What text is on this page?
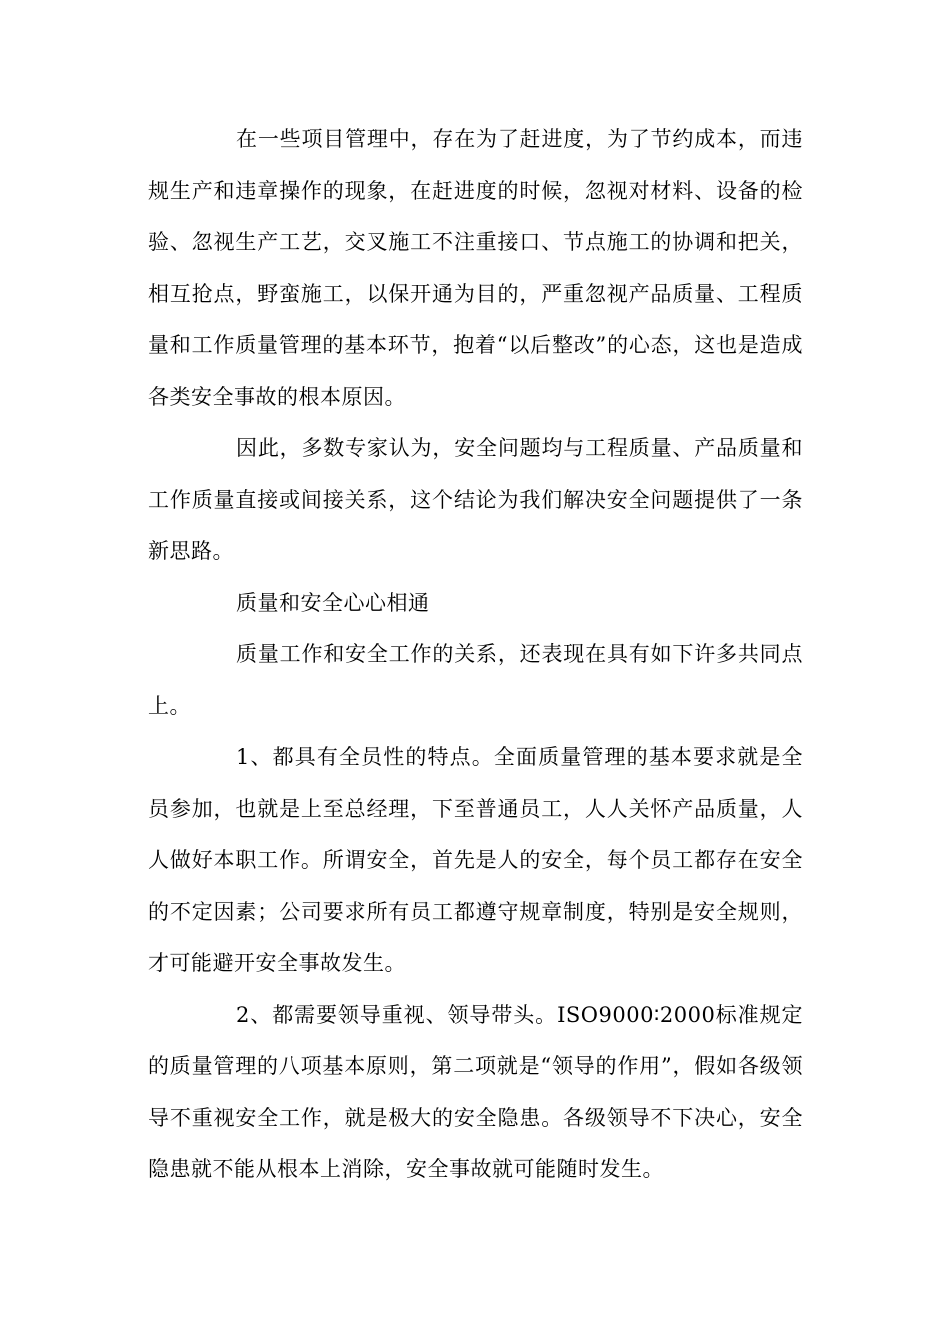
在一些项目管理中，存在为了赶进度，为了节约成本，而违规生产和违章操作的现象，在赶进度的时候，忽视对材料、设备的检验、忽视生产工艺，交叉施工不注重接口、节点施工的协调和把关，相互抢点，野蛮施工，以保开通为目的，严重忽视产品质量、工程质量和工作质量管理的基本环节，抱着“以后整改”的心态，这也是造成各类安全事故的根本原因。

因此，多数专家认为，安全问题均与工程质量、产品质量和工作质量直接或间接关系，这个结论为我们解决安全问题提供了一条新思路。

质量和安全心心相通

质量工作和安全工作的关系，还表现在具有如下许多共同点上。

1、都具有全员性的特点。全面质量管理的基本要求就是全员参加，也就是上至总经理，下至普通员工，人人关怀产品质量，人人做好本职工作。所谓安全，首先是人的安全，每个员工都存在安全的不定因素；公司要求所有员工都遵守规章制度，特别是安全规则，才可能避开安全事故发生。

2、都需要领导重视、领导带头。ISO9000∶2000标准规定的质量管理的八项基本原则，第二项就是“领导的作用”，假如各级领导不重视安全工作，就是极大的安全隐患。各级领导不下决心，安全隐患就不能从根本上消除，安全事故就可能随时发生。
